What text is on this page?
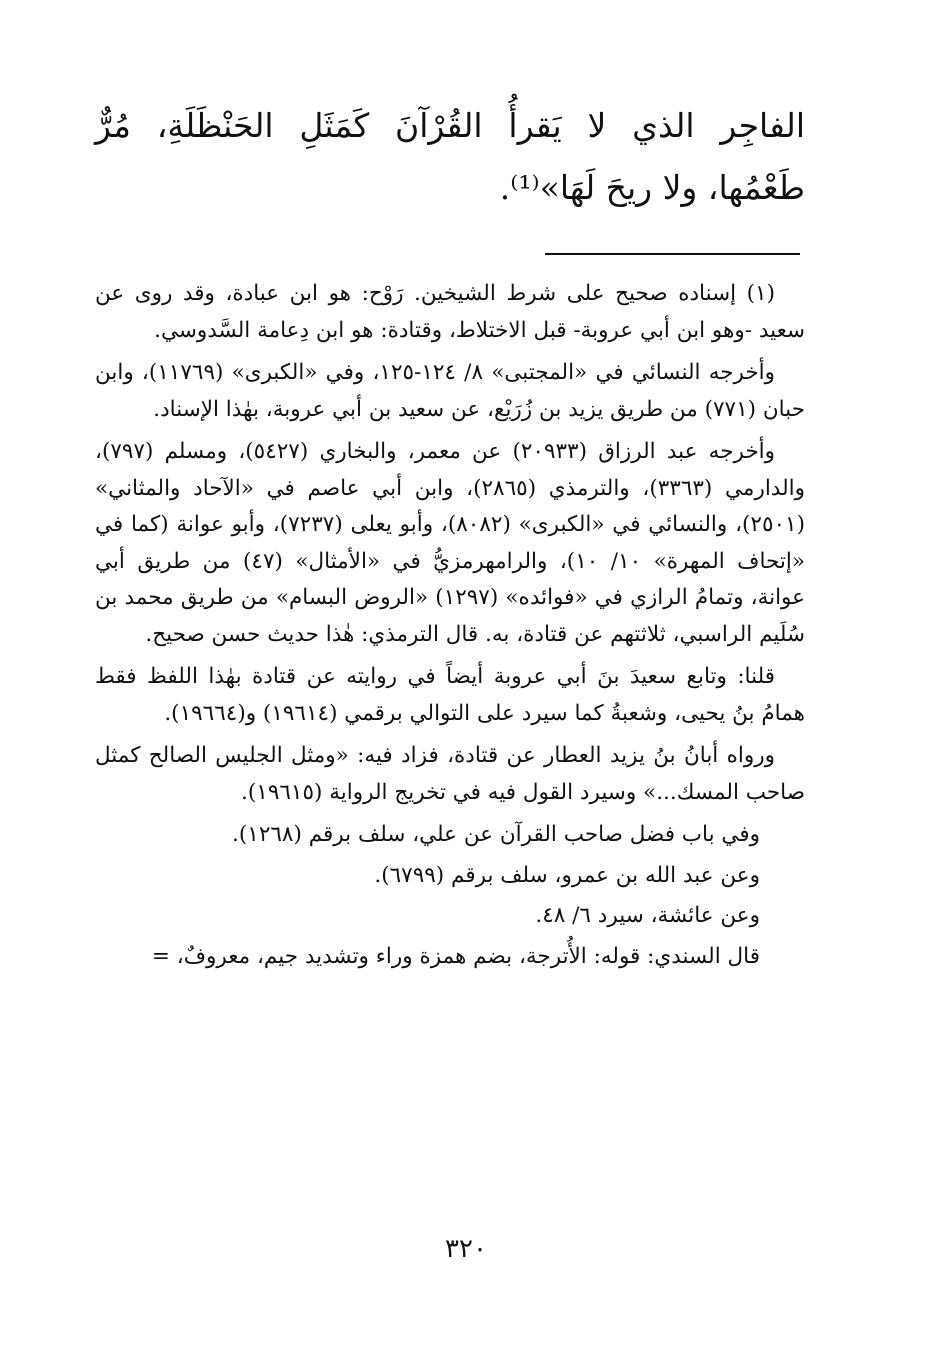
الفاجِر الذي لا يَقرأُ القُرْآنَ كَمَثَلِ الحَنْظَلَةِ، مُرٌّ طَعْمُها، ولا ريحَ لَهَا»⁽¹⁾.

(١) إسناده صحيح على شرط الشيخين. رَوْح: هو ابن عبادة، وقد روى عن سعيد -وهو ابن أبي عروبة- قبل الاختلاط، وقتادة: هو ابن دِعامة السَّدوسي.

وأخرجه النسائي في «المجتبى» ٨/ ١٢٤-١٢٥، وفي «الكبرى» (١١٧٦٩)، وابن حبان (٧٧١) من طريق يزيد بن زُرَيْع، عن سعيد بن أبي عروبة، بهٰذا الإسناد.

وأخرجه عبد الرزاق (٢٠٩٣٣) عن معمر، والبخاري (٥٤٢٧)، ومسلم (٧٩٧)، والدارمي (٣٣٦٣)، والترمذي (٢٨٦٥)، وابن أبي عاصم في «الآحاد والمثاني» (٢٥٠١)، والنسائي في «الكبرى» (٨٠٨٢)، وأبو يعلى (٧٢٣٧)، وأبو عوانة (كما في «إتحاف المهرة» ١٠/ ١٠)، والرامهرمزيُّ في «الأمثال» (٤٧) من طريق أبي عوانة، وتمامُ الرازي في «فوائده» (١٢٩٧) «الروض البسام» من طريق محمد بن سُلَيم الراسبي، ثلاثتهم عن قتادة، به. قال الترمذي: هٰذا حديث حسن صحيح.

قلنا: وتابع سعيدَ بنَ أبي عروبة أيضاً في روايته عن قتادة بهٰذا اللفظ فقط همامُ بنُ يحيى، وشعبةُ كما سيرد على التوالي برقمي (١٩٦١٤) و(١٩٦٦٤).

ورواه أبانُ بنُ يزيد العطار عن قتادة، فزاد فيه: «ومثل الجليس الصالح كمثل صاحب المسك...» وسيرد القول فيه في تخريج الرواية (١٩٦١٥).

وفي باب فضل صاحب القرآن عن علي، سلف برقم (١٢٦٨).

وعن عبد الله بن عمرو، سلف برقم (٦٧٩٩).

وعن عائشة، سيرد ٦/ ٤٨.

قال السندي: قوله: الأُترجة، بضم همزة وراء وتشديد جيم، معروفٌ، =

٣٢٠
